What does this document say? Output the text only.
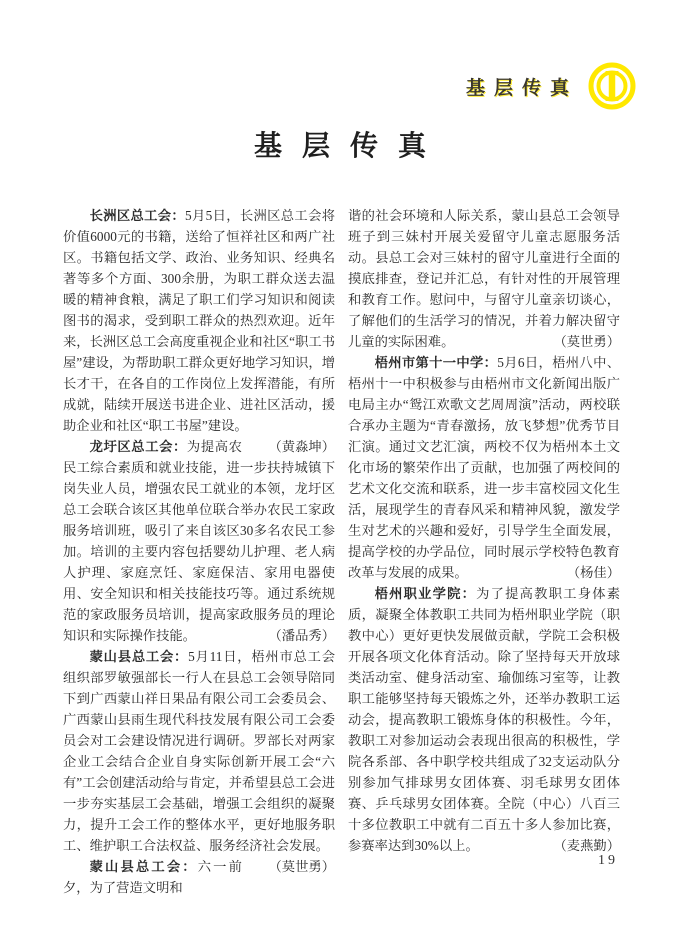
基层传真
基层传真

长洲区总工会：5月5日，长洲区总工会将价值6000元的书籍，送给了恒祥社区和两广社区。书籍包括文学、政治、业务知识、经典名著等多个方面、300余册，为职工群众送去温暖的精神食粮，满足了职工们学习知识和阅读图书的渴求，受到职工群众的热烈欢迎。近年来，长洲区总工会高度重视企业和社区“职工书屋”建设，为帮助职工群众更好地学习知识，增长才干，在各自的工作岗位上发挥潜能，有所成就，陆续开展送书进企业、进社区活动，援助企业和社区“职工书屋”建设。
（黄淼坤）

龙圩区总工会：为提高农民工综合素质和就业技能，进一步扶持城镇下岗失业人员，增强农民工就业的本领，龙圩区总工会联合该区其他单位联合举办农民工家政服务培训班，吸引了来自该区30多名农民工参加。培训的主要内容包括婴幼儿护理、老人病人护理、家庭烹饪、家庭保洁、家用电器使用、安全知识和相关技能技巧等。通过系统规范的家政服务员培训，提高家政服务员的理论知识和实际操作技能。	（潘品秀）

蒙山县总工会：5月11日，梧州市总工会组织部罗敏强部长一行人在县总工会领导陪同下到广西蒙山祥日果品有限公司工会委员会、广西蒙山县雨生现代科技发展有限公司工会委员会对工会建设情况进行调研。罗部长对两家企业工会结合企业自身实际创新开展工会“六有”工会创建活动给与肯定，并希望县总工会进一步夯实基层工会基础，增强工会组织的凝聚力，提升工会工作的整体水平，更好地服务职工、维护职工合法权益、服务经济社会发展。
（莫世勇）

蒙山县总工会：六一前夕，为了营造文明和

谐的社会环境和人际关系，蒙山县总工会领导班子到三妹村开展关爱留守儿童志愿服务活动。县总工会对三妹村的留守儿童进行全面的摸底排查，登记并汇总，有针对性的开展管理和教育工作。慰问中，与留守儿童亲切谈心，了解他们的生活学习的情况，并着力解决留守儿童的实际困难。	（莫世勇）

梧州市第十一中学：5月6日，梧州八中、梧州十一中积极参与由梧州市文化新闻出版广电局主办“鸳江欢歌文艺周周演”活动，两校联合承办主题为“青春激扬，放飞梦想”优秀节目汇演。通过文艺汇演，两校不仅为梧州本土文化市场的繁荣作出了贡献，也加强了两校间的艺术文化交流和联系，进一步丰富校园文化生活，展现学生的青春风采和精神风貌，激发学生对艺术的兴趣和爱好，引导学生全面发展，提高学校的办学品位，同时展示学校特色教育改革与发展的成果。	（杨佳）

梧州职业学院：为了提高教职工身体素质，凝聚全体教职工共同为梧州职业学院（职教中心）更好更快发展做贡献，学院工会积极开展各项文化体育活动。除了坚持每天开放球类活动室、健身活动室、瑜伽练习室等，让教职工能够坚持每天锻炼之外，还举办教职工运动会，提高教职工锻炼身体的积极性。今年，教职工对参加运动会表现出很高的积极性，学院各系部、各中职学校共组成了32支运动队分别参加气排球男女团体赛、羽毛球男女团体赛、乒乓球男女团体赛。全院（中心）八百三十多位教职工中就有二百五十多人参加比赛，参赛率达到30%以上。	（麦燕勤）

19
